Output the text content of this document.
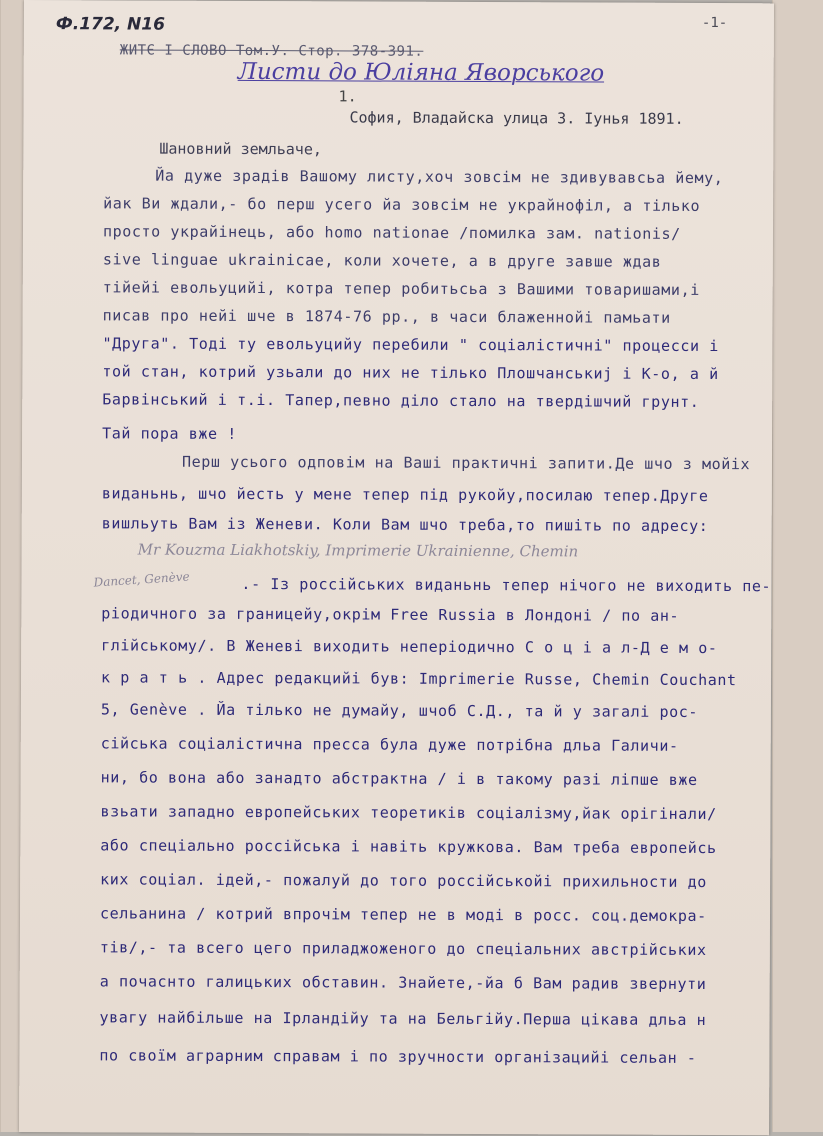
Ф.172, N16	-1-
ЖИТЄ І СЛОВО Том.У. Стор. 378-391.
Листи до Юліяна Яворського
1.
София, Владайска улица 3. Іунья 1891.
Шановний земльаче,
Йа дуже зрадів Вашому листу,хоч зовсім не здивувавсьа йему,
йак Ви ждали,- бо перш усего йа зовсім не украйнофіл, а тілько
просто украйінець, або homo nationae /помилка зам. nationis/
sive linguae ukrainicae, коли хочете, а в друге завше ждав
тійейі евольуцийі, котра тепер робитьсьа з Вашими товаришами,і
писав про нейі шче в 1874-76 рр., в часи блаженнойі памьати
"Друга". Тоді ту евольуцийу перебили " соціалістичні" процесси і
той стан, котрий узьали до них не тілько Плошчанськиј і К-о, а й
Барвінський і т.і. Тапер,певно діло стало на твердішчий грунт.
Тай пора вже !
Перш усього одповім на Ваші практичні запити.Де шчо з мойіх
виданьнь, шчо йесть у мене тепер під рукойу,посилаю тепер.Друге
вишльуть Вам із Женеви. Коли Вам шчо треба,то пишіть по адресу:
Mr Kouzma Liakhotskiy, Imprimerie Ukrainienne, Chemin
Dancet, Genève	.- Із россійських виданьнь тепер нічого не виходить пе-
ріодичного за границейу,окрім Free Russia в Лондоні / по ан-
глійському/. В Женеві виходить неперіодично С о ц і а л-Д е м о-
к р а т ь . Адрес редакцийі був: Imprimerie Russe, Chemin Couchant
5, Genève . Йа тілько не думайу, шчоб С.Д., та й у загалі рос-
сійська соціалістична пресса була дуже потрібна дльа Галичи-
ни, бо вона або занадто абстрактна / і в такому разі ліпше вже
взьати западно европейських теоретиків соціалізму,йак орігінали/
або спеціально россійська і навіть кружкова. Вам треба европейсь
ких соціал. ідей,- пожалуй до того россійськойі прихильности до
сельанина / котрий впрочім тепер не в моді в росс. соц.демокра-
тів/,- та всего цего приладжоженого до спеціальних австрійських
а почаснто галицьких обставин. Знайете,-йа б Вам радив звернути
увагу найбільше на Ірландійу та на Бельгійу.Перша цікава дльа н
по своїм аграрним справам і по зручности організацийі сельан -
